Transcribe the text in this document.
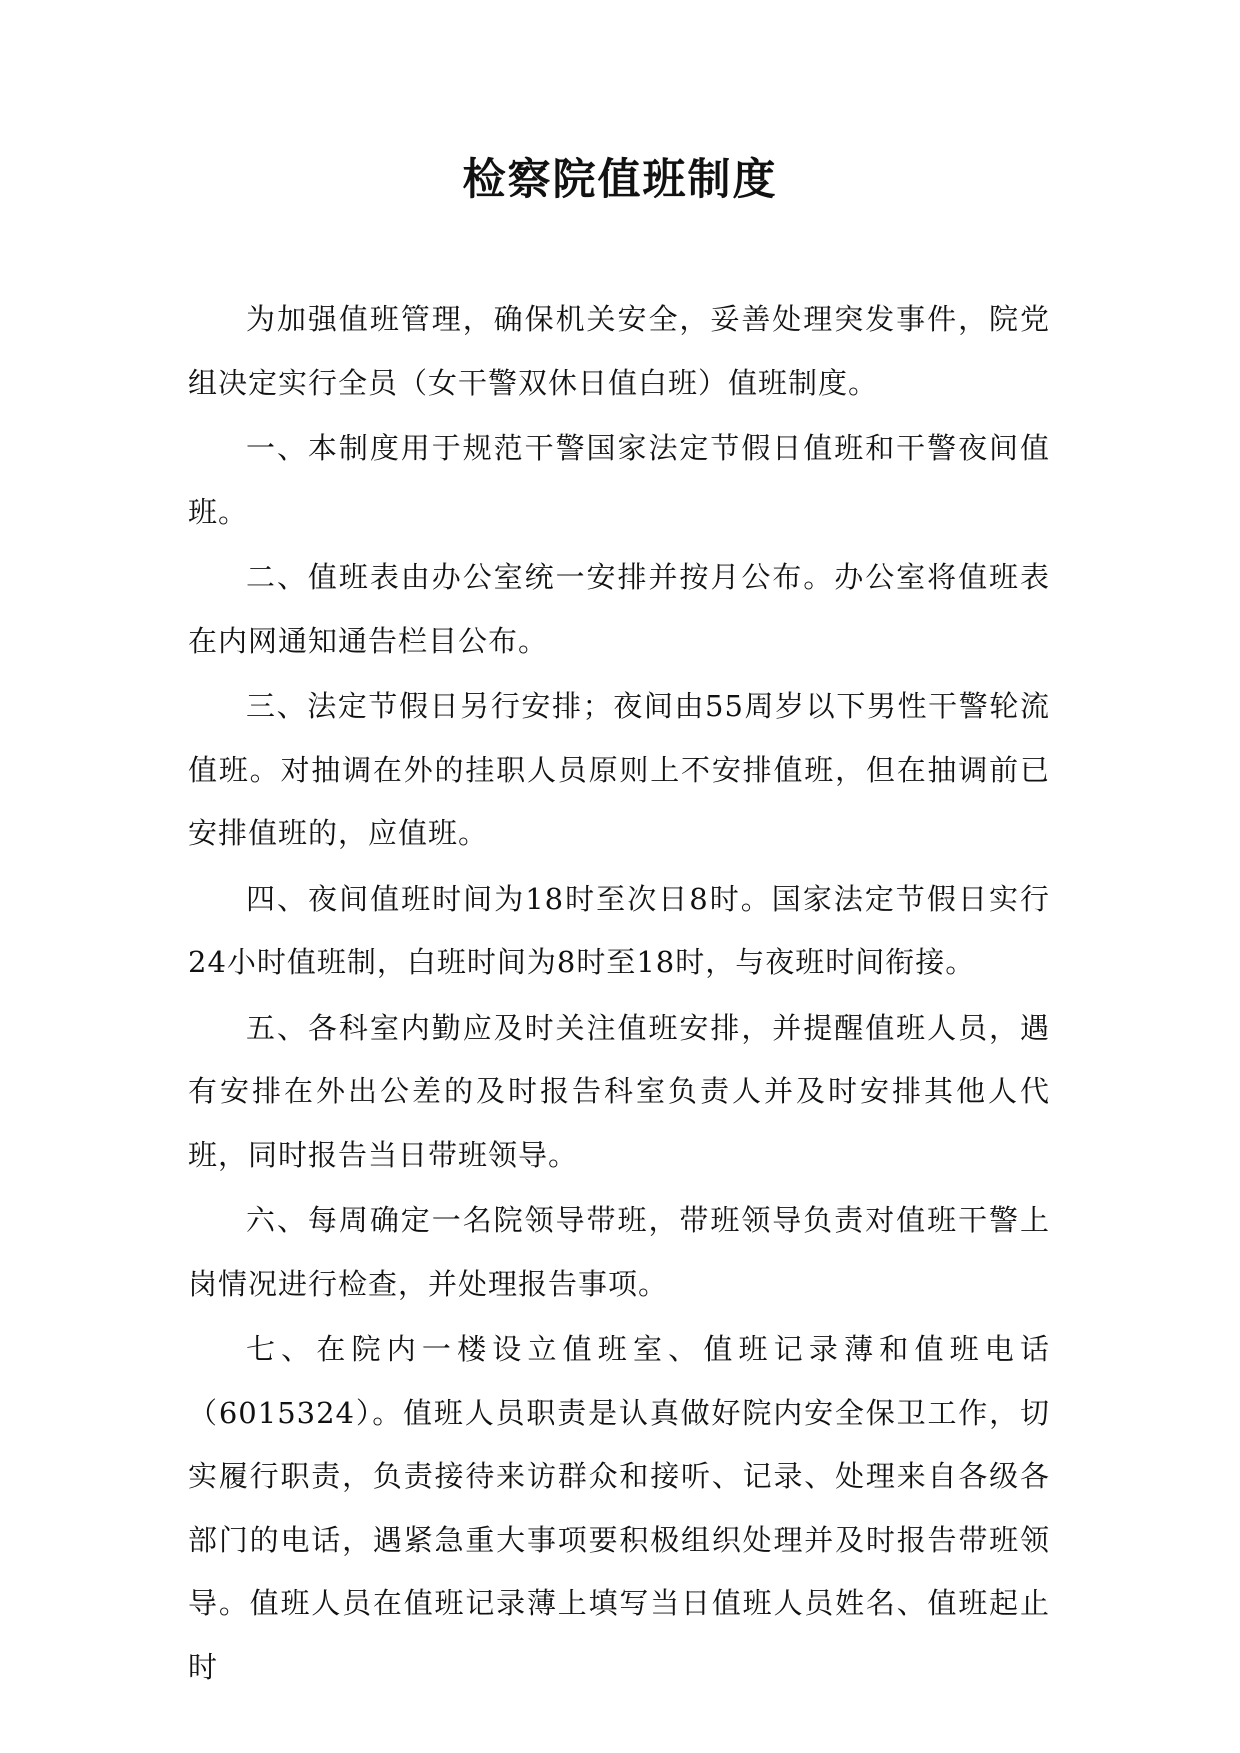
检察院值班制度

为加强值班管理，确保机关安全，妥善处理突发事件，院党组决定实行全员（女干警双休日值白班）值班制度。

一、本制度用于规范干警国家法定节假日值班和干警夜间值班。

二、值班表由办公室统一安排并按月公布。办公室将值班表在内网通知通告栏目公布。

三、法定节假日另行安排；夜间由55周岁以下男性干警轮流值班。对抽调在外的挂职人员原则上不安排值班，但在抽调前已安排值班的，应值班。

四、夜间值班时间为18时至次日8时。国家法定节假日实行24小时值班制，白班时间为8时至18时，与夜班时间衔接。

五、各科室内勤应及时关注值班安排，并提醒值班人员，遇有安排在外出公差的及时报告科室负责人并及时安排其他人代班，同时报告当日带班领导。

六、每周确定一名院领导带班，带班领导负责对值班干警上岗情况进行检查，并处理报告事项。

七、在院内一楼设立值班室、值班记录薄和值班电话（6015324）。值班人员职责是认真做好院内安全保卫工作，切实履行职责，负责接待来访群众和接听、记录、处理来自各级各部门的电话，遇紧急重大事项要积极组织处理并及时报告带班领导。值班人员在值班记录薄上填写当日值班人员姓名、值班起止时
